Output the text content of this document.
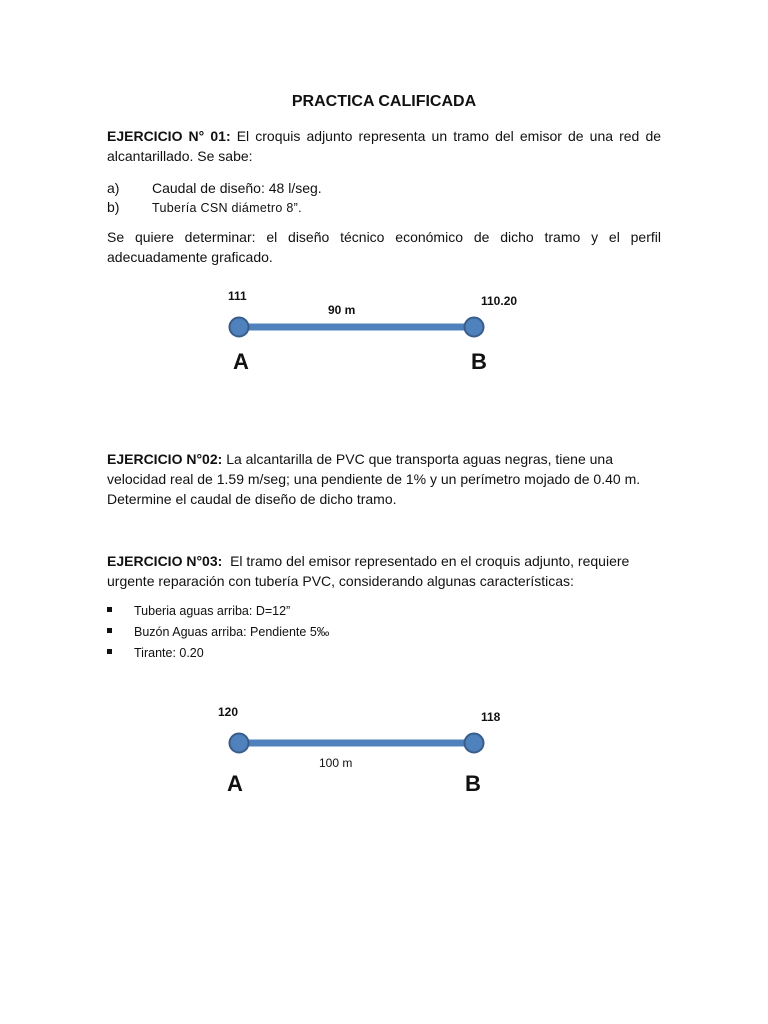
PRACTICA CALIFICADA

EJERCICIO N° 01: El croquis adjunto representa un tramo del emisor de una red de alcantarillado. Se sabe:

a) Caudal de diseño: 48 l/seg.
b)	Tubería CSN diámetro 8”.

Se quiere determinar: el diseño técnico económico de dicho tramo y el perfil adecuadamente graficado.

EJERCICIO N°02: La alcantarilla de PVC que transporta aguas negras, tiene una velocidad real de 1.59 m/seg; una pendiente de 1% y un perímetro mojado de 0.40 m. Determine el caudal de diseño de dicho tramo.

EJERCICIO N°03: El tramo del emisor representado en el croquis adjunto, requiere urgente reparación con tubería PVC, considerando algunas características:

Tuberia aguas arriba: D=12”
Buzón Aguas arriba: Pendiente 5‰
Tirante: 0.20
111	110.20
90 m
A	B
120	118
100 m
A	B
